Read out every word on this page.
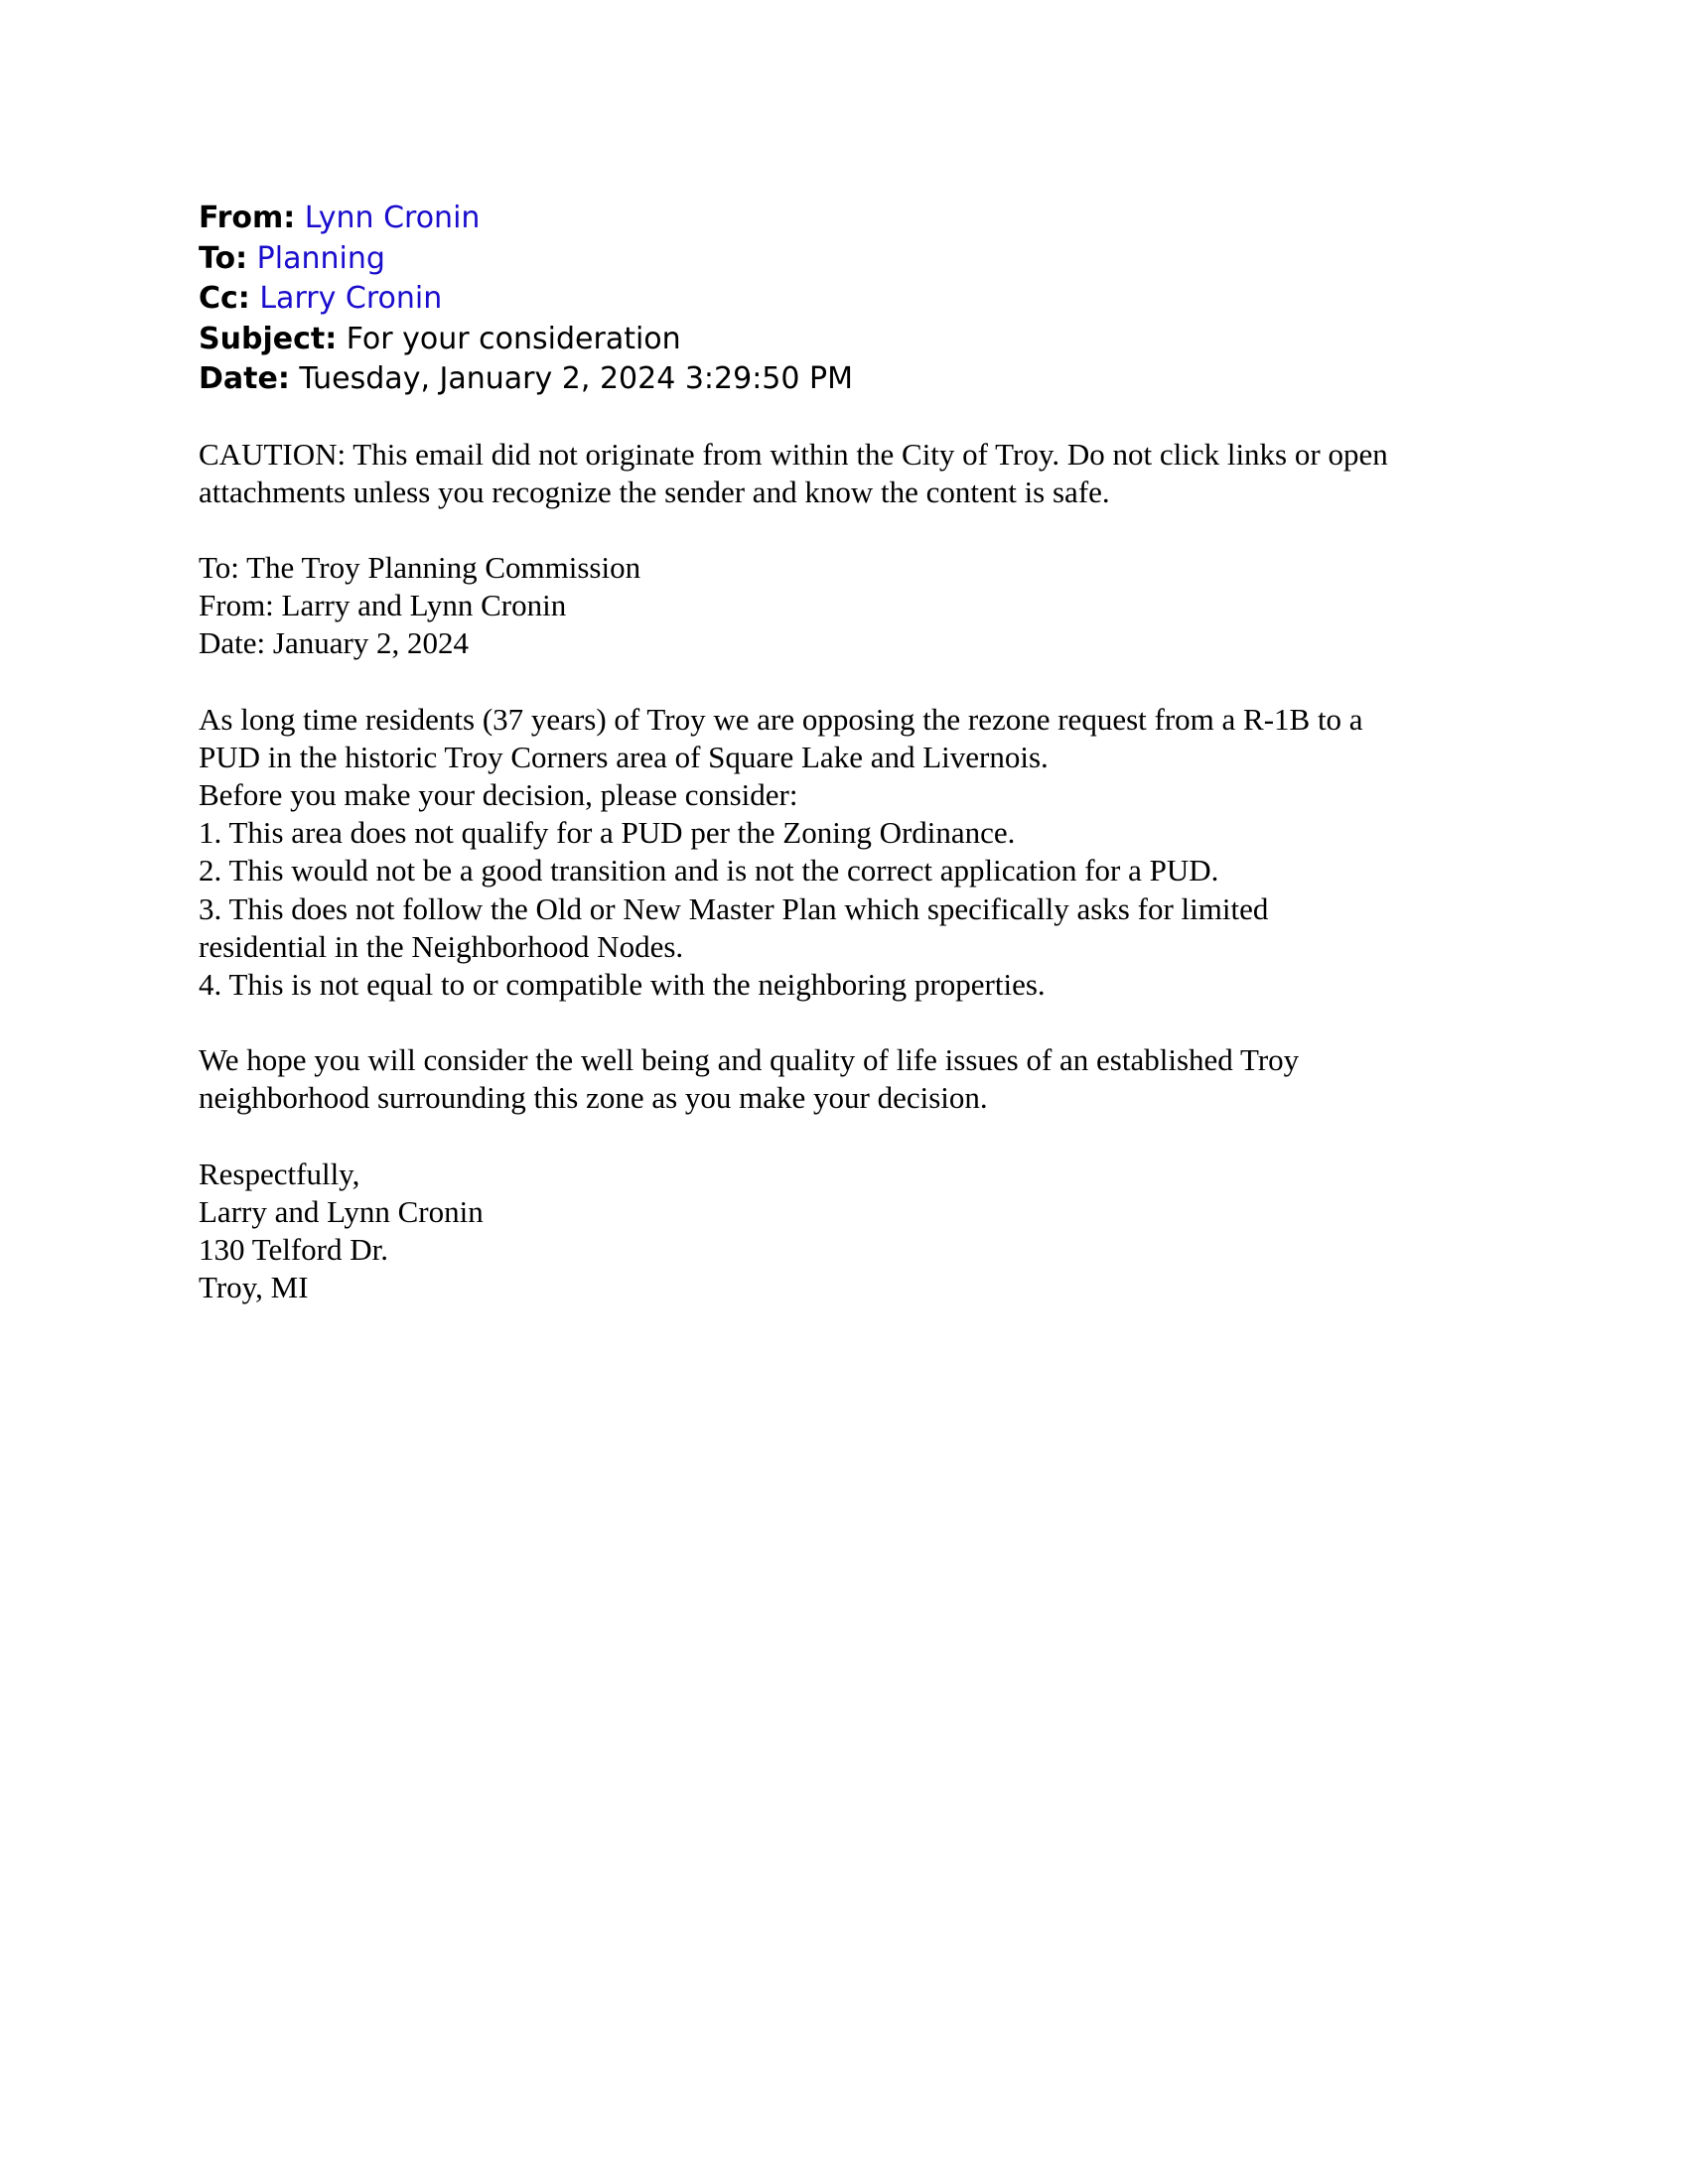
From: Lynn Cronin
To: Planning
Cc: Larry Cronin
Subject: For your consideration
Date: Tuesday, January 2, 2024 3:29:50 PM
CAUTION: This email did not originate from within the City of Troy. Do not click links or open
attachments unless you recognize the sender and know the content is safe.
To: The Troy Planning Commission
From: Larry and Lynn Cronin
Date: January 2, 2024
As long time residents (37 years) of Troy we are opposing the rezone request from a R-1B to a
PUD in the historic Troy Corners area of Square Lake and Livernois.
Before you make your decision, please consider:
1. This area does not qualify for a PUD per the Zoning Ordinance.
2. This would not be a good transition and is not the correct application for a PUD.
3. This does not follow the Old or New Master Plan which specifically asks for limited
residential in the Neighborhood Nodes.
4. This is not equal to or compatible with the neighboring properties.
We hope you will consider the well being and quality of life issues of an established Troy
neighborhood surrounding this zone as you make your decision.
Respectfully,
Larry and Lynn Cronin
130 Telford Dr.
Troy, MI
